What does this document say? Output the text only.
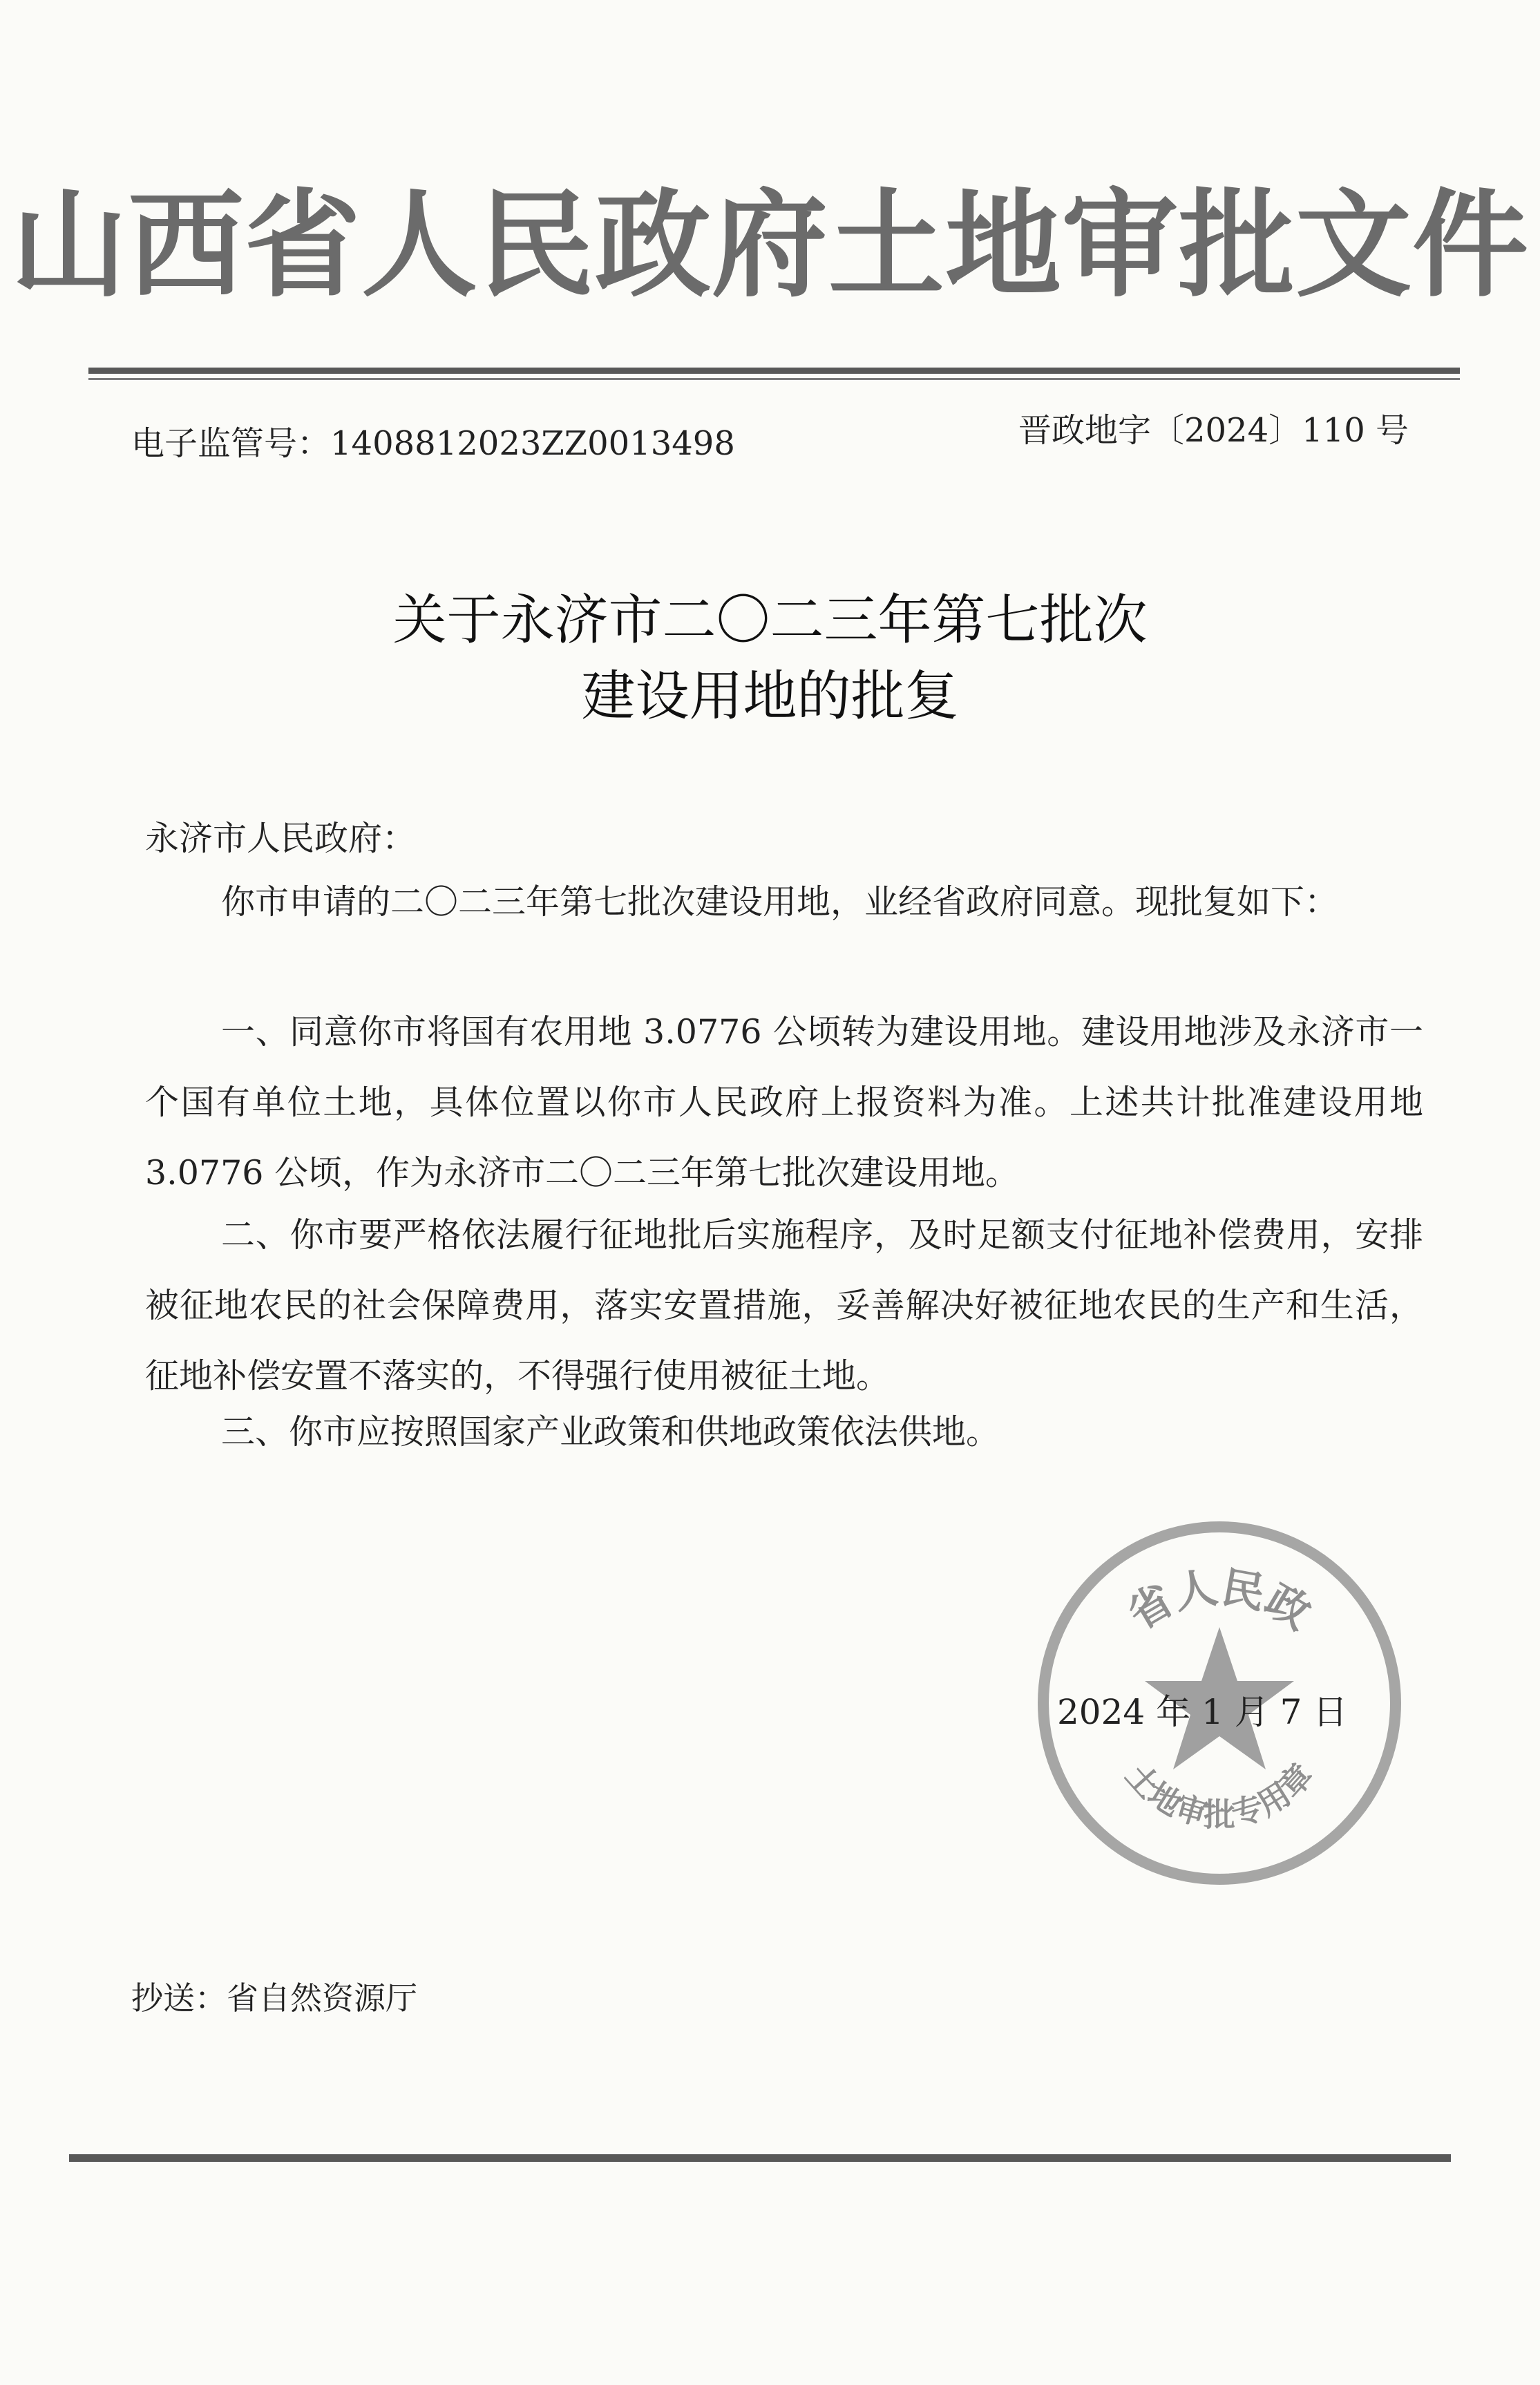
山西省人民政府土地审批文件
电子监管号：1408812023ZZ0013498	晋政地字〔2024〕110 号
关于永济市二〇二三年第七批次
建设用地的批复
永济市人民政府：
你市申请的二〇二三年第七批次建设用地，业经省政府同意。现批复如下：
一、同意你市将国有农用地 3.0776 公顷转为建设用地。建设用地涉及永济市一个国有单位土地，具体位置以你市人民政府上报资料为准。上述共计批准建设用地 3.0776 公顷，作为永济市二〇二三年第七批次建设用地。
二、你市要严格依法履行征地批后实施程序，及时足额支付征地补偿费用，安排被征地农民的社会保障费用，落实安置措施，妥善解决好被征地农民的生产和生活，征地补偿安置不落实的，不得强行使用被征土地。
三、你市应按照国家产业政策和供地政策依法供地。
省人民政
土地审批专用章
2024 年 1 月 7 日
抄送：省自然资源厅
